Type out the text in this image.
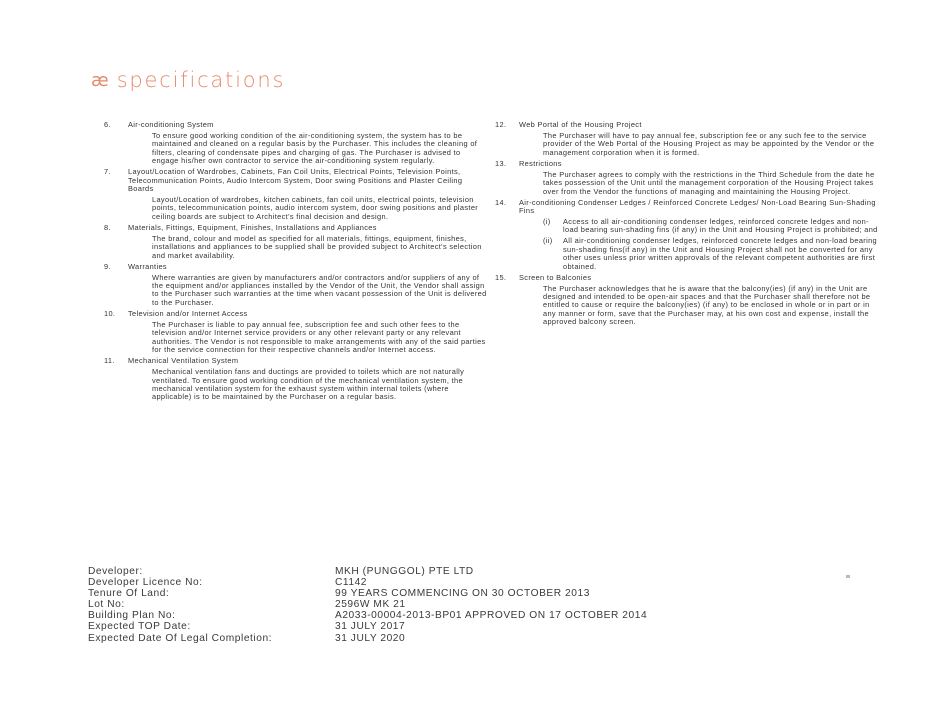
æ specifications
6.	Air-conditioning System
To ensure good working condition of the air-conditioning system, the system has to be maintained and cleaned on a regular basis by the Purchaser. This includes the cleaning of filters, clearing of condensate pipes and charging of gas. The Purchaser is advised to engage his/her own contractor to service the air-conditioning system regularly.
7.	Layout/Location of Wardrobes, Cabinets, Fan Coil Units, Electrical Points, Television Points, Telecommunication Points, Audio Intercom System, Door swing Positions and Plaster Ceiling Boards
Layout/Location of wardrobes, kitchen cabinets, fan coil units, electrical points, television points, telecommunication points, audio intercom system, door swing positions and plaster ceiling boards are subject to Architect's final decision and design.
8.	Materials, Fittings, Equipment, Finishes, Installations and Appliances
The brand, colour and model as specified for all materials, fittings, equipment, finishes, installations and appliances to be supplied shall be provided subject to Architect's selection and market availability.
9.	Warranties
Where warranties are given by manufacturers and/or contractors and/or suppliers of any of the equipment and/or appliances installed by the Vendor of the Unit, the Vendor shall assign to the Purchaser such warranties at the time when vacant possession of the Unit is delivered to the Purchaser.
10.	Television and/or Internet Access
The Purchaser is liable to pay annual fee, subscription fee and such other fees to the television and/or Internet service providers or any other relevant party or any relevant authorities. The Vendor is not responsible to make arrangements with any of the said parties for the service connection for their respective channels and/or Internet access.
11.	Mechanical Ventilation System
Mechanical ventilation fans and ductings are provided to toilets which are not naturally ventilated. To ensure good working condition of the mechanical ventilation system, the mechanical ventilation system for the exhaust system within internal toilets (where applicable) is to be maintained by the Purchaser on a regular basis.
12.	Web Portal of the Housing Project
The Purchaser will have to pay annual fee, subscription fee or any such fee to the service provider of the Web Portal of the Housing Project as may be appointed by the Vendor or the management corporation when it is formed.
13.	Restrictions
The Purchaser agrees to comply with the restrictions in the Third Schedule from the date he takes possession of the Unit until the management corporation of the Housing Project takes over from the Vendor the functions of managing and maintaining the Housing Project.
14.	Air-conditioning Condenser Ledges / Reinforced Concrete Ledges/ Non-Load Bearing Sun-Shading Fins
(i)	Access to all air-conditioning condenser ledges, reinforced concrete ledges and non-load bearing sun-shading fins (if any) in the Unit and Housing Project is prohibited; and
(ii)	All air-conditioning condenser ledges, reinforced concrete ledges and non-load bearing sun-shading fins(if any) in the Unit and Housing Project shall not be converted for any other uses unless prior written approvals of the relevant competent authorities are first obtained.
15.	Screen to Balconies
The Purchaser acknowledges that he is aware that the balcony(ies) (if any) in the Unit are designed and intended to be open-air spaces and that the Purchaser shall therefore not be entitled to cause or require the balcony(ies) (if any) to be enclosed in whole or in part or in any manner or form, save that the Purchaser may, at his own cost and expense, install the approved balcony screen.
Developer:	MKH (PUNGGOL) PTE LTD
Developer Licence No:	C1142
Tenure Of Land:	99 YEARS COMMENCING ON 30 OCTOBER 2013
Lot No:	2596W MK 21
Building Plan No:	A2033-00004-2013-BP01 APPROVED ON 17 OCTOBER 2014
Expected TOP Date:	31 JULY 2017
Expected Date Of Legal Completion:	31 JULY 2020
